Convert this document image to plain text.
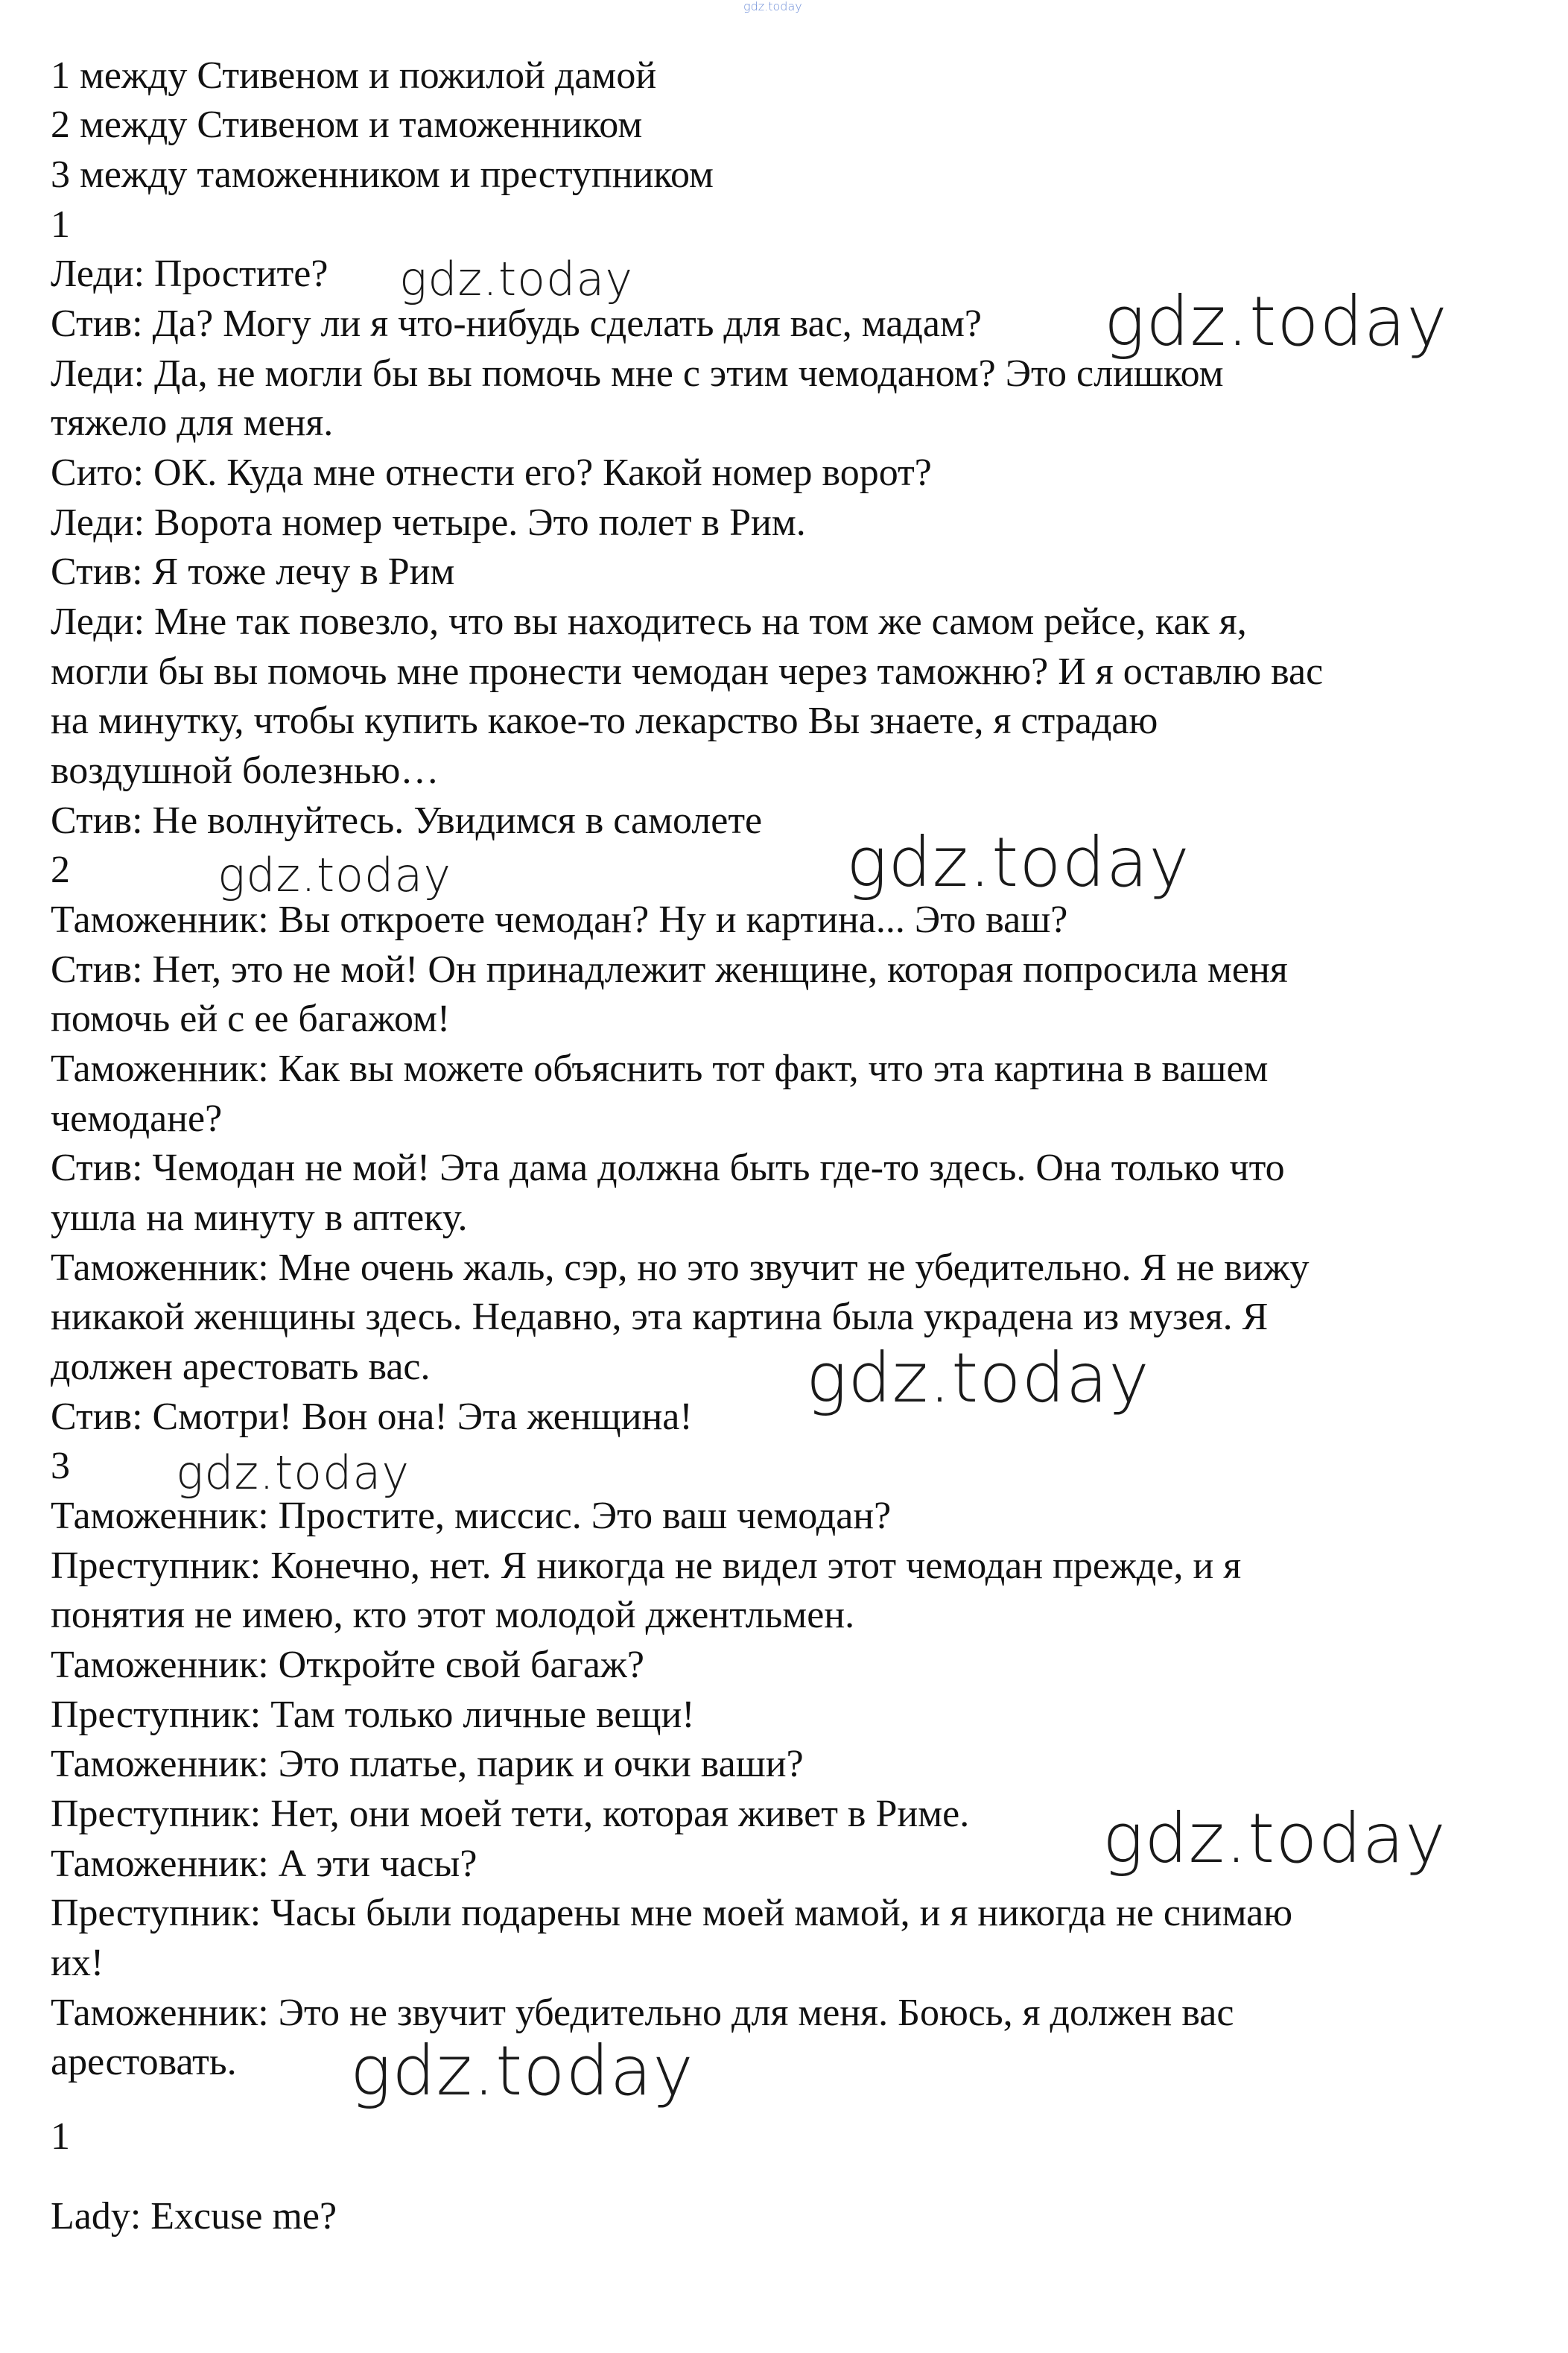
gdz.today
1 между Стивеном и пожилой дамой
2 между Стивеном и таможенником
3 между таможенником и преступником
1
Леди: Простите?
Стив: Да? Могу ли я что-нибудь сделать для вас, мадам?
Леди: Да, не могли бы вы помочь мне с этим чемоданом? Это слишком
тяжело для меня.
Сито: ОК. Куда мне отнести его? Какой номер ворот?
Леди: Ворота номер четыре. Это полет в Рим.
Стив: Я тоже лечу в Рим
Леди: Мне так повезло, что вы находитесь на том же самом рейсе, как я,
могли бы вы помочь мне пронести чемодан через таможню? И я оставлю вас
на минутку, чтобы купить какое-то лекарство Вы знаете, я страдаю
воздушной болезнью…
Стив: Не волнуйтесь. Увидимся в самолете
2
Таможенник: Вы откроете чемодан? Ну и картина... Это ваш?
Стив: Нет, это не мой! Он принадлежит женщине, которая попросила меня
помочь ей с ее багажом!
Таможенник: Как вы можете объяснить тот факт, что эта картина в вашем
чемодане?
Стив: Чемодан не мой! Эта дама должна быть где-то здесь. Она только что
ушла на минуту в аптеку.
Таможенник: Мне очень жаль, сэр, но это звучит не убедительно. Я не вижу
никакой женщины здесь. Недавно, эта картина была украдена из музея. Я
должен арестовать вас.
Стив: Смотри! Вон она! Эта женщина!
3
Таможенник: Простите, миссис. Это ваш чемодан?
Преступник: Конечно, нет. Я никогда не видел этот чемодан прежде, и я
понятия не имею, кто этот молодой джентльмен.
Таможенник: Откройте свой багаж?
Преступник: Там только личные вещи!
Таможенник: Это платье, парик и очки ваши?
Преступник: Нет, они моей тети, которая живет в Риме.
Таможенник: А эти часы?
Преступник: Часы были подарены мне моей мамой, и я никогда не снимаю
их!
Таможенник: Это не звучит убедительно для меня. Боюсь, я должен вас
арестовать.
1
Lady: Excuse me?
gdz.today
gdz.today
gdz.today	gdz.today
gdz.today
gdz.today
gdz.today
gdz.today
